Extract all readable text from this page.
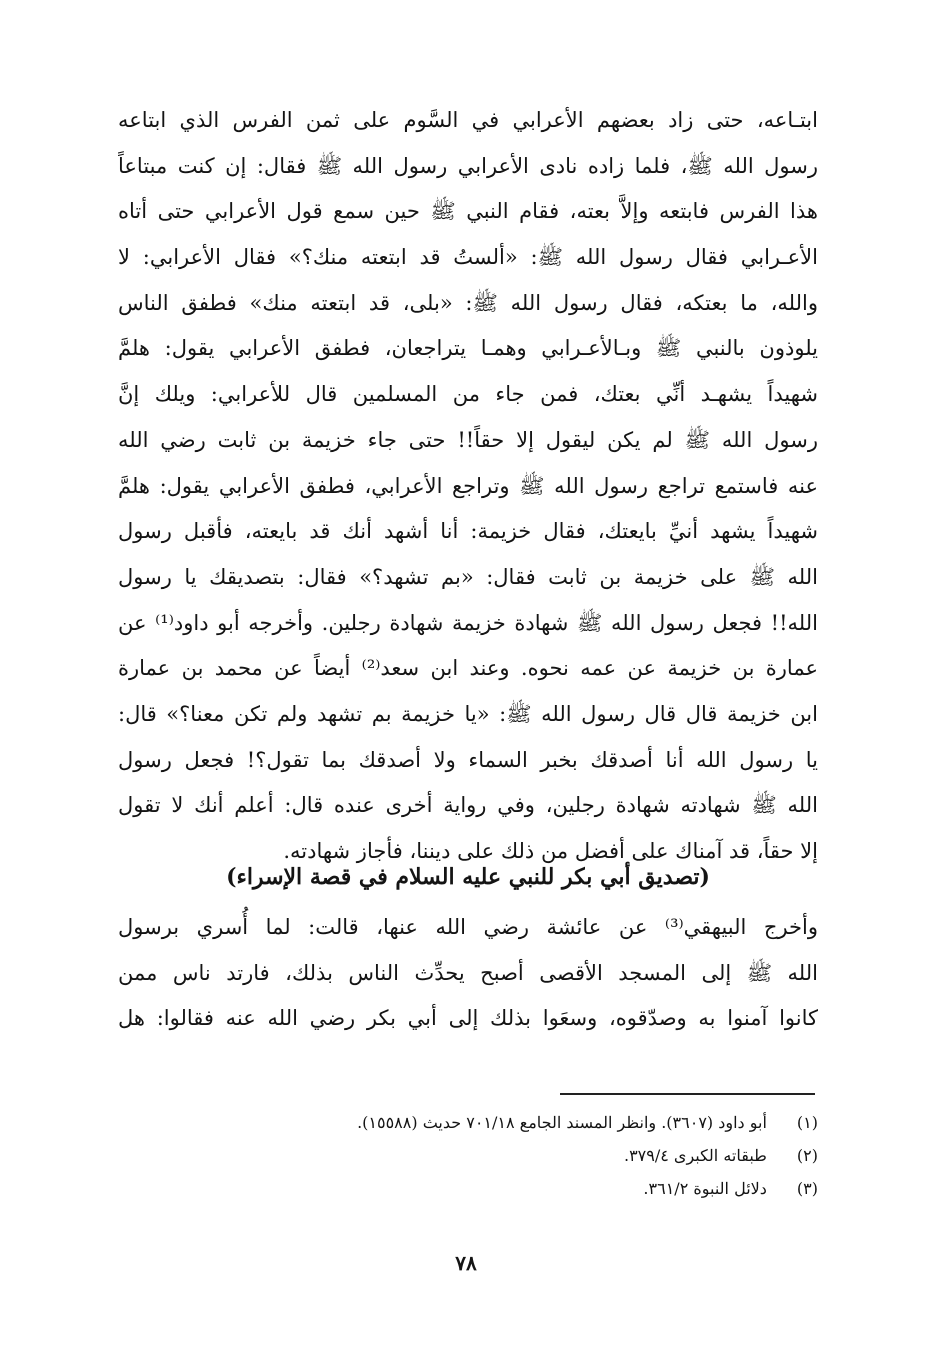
ابتـاعه، حتى زاد بعضهم الأعرابي في السَّوم على ثمن الفرس الذي ابتاعه
رسول الله ﷺ، فلما زاده نادى الأعرابي رسول الله ﷺ فقال: إن كنت مبتاعاً
هذا الفرس فابتعه وإلاَّ بعته، فقام النبي ﷺ حين سمع قول الأعرابي حتى أتاه
الأعـرابي فقال رسول الله ﷺ: «ألستُ قد ابتعته منك؟» فقال الأعرابي: لا
والله، ما بعتكه، فقال رسول الله ﷺ: «بلى، قد ابتعته منك» فطفق الناس
يلوذون بالنبي ﷺ وبـالأعـرابي وهمـا يتراجعان، فطفق الأعرابي يقول: هلمَّ
شهيداً يشهـد أنِّي بعتك، فمن جاء من المسلمين قال للأعرابي: ويلك إنَّ
رسول الله ﷺ لم يكن ليقول إلا حقاً!! حتى جاء خزيمة بن ثابت رضي الله
عنه فاستمع تراجع رسول الله ﷺ وتراجع الأعرابي، فطفق الأعرابي يقول: هلمَّ
شهيداً يشهد أنيِّ بايعتك، فقال خزيمة: أنا أشهد أنك قد بايعته، فأقبل رسول
الله ﷺ على خزيمة بن ثابت فقال: «بم تشهد؟» فقال: بتصديقك يا رسول
الله!! فجعل رسول الله ﷺ شهادة خزيمة شهادة رجلين. وأخرجه أبو داود⁽¹⁾ عن
عمارة بن خزيمة عن عمه نحوه. وعند ابن سعد⁽²⁾ أيضاً عن محمد بن عمارة
ابن خزيمة قال قال رسول الله ﷺ: «يا خزيمة بم تشهد ولم تكن معنا؟» قال:
يا رسول الله أنا أصدقك بخبر السماء ولا أصدقك بما تقول؟! فجعل رسول
الله ﷺ شهادته شهادة رجلين، وفي رواية أخرى عنده قال: أعلم أنك لا تقول
إلا حقاً، قد آمناك على أفضل من ذلك على ديننا، فأجاز شهادته.
(تصديق أبي بكر للنبي عليه السلام في قصة الإسراء)
وأخرج البيهقي⁽³⁾ عن عائشة رضي الله عنها، قالت: لما أُسري برسول
الله ﷺ إلى المسجد الأقصى أصبح يحدِّث الناس بذلك، فارتد ناس ممن
كانوا آمنوا به وصدّقوه، وسعَوا بذلك إلى أبي بكر رضي الله عنه فقالوا: هل
(١) أبو داود (٣٦٠٧). وانظر المسند الجامع ٧٠١/١٨ حديث (١٥٥٨٨).
(٢) طبقاته الكبرى ٣٧٩/٤.
(٣) دلائل النبوة ٣٦١/٢.
٧٨
